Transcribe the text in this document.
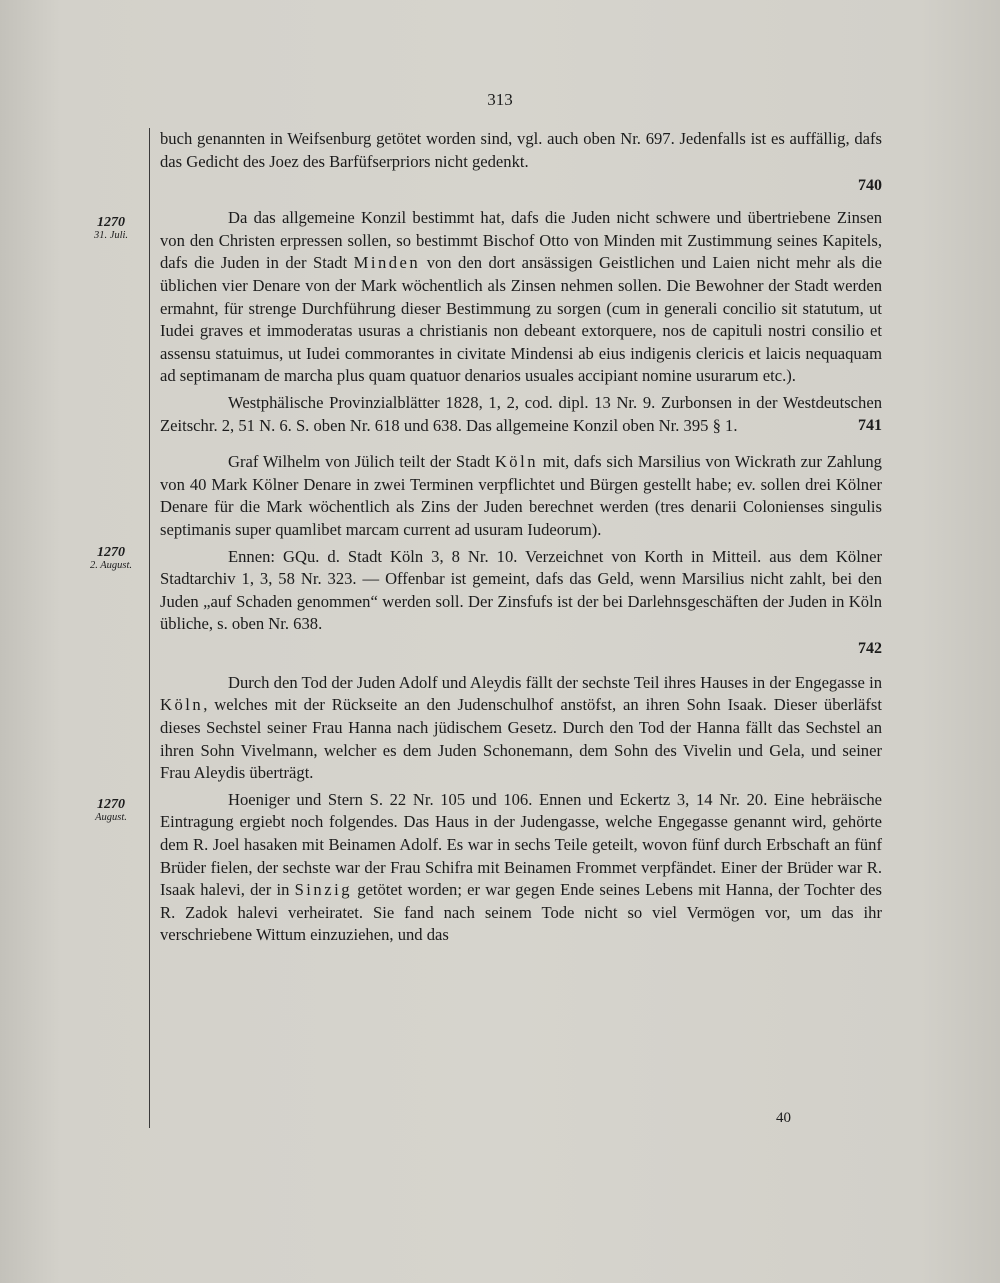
313
1270
31. Juli.
1270
2. August.
1270
August.

buch genannten in Weifsenburg getötet worden sind, vgl. auch oben Nr. 697. Jedenfalls ist es auffällig, dafs das Gedicht des Joez des Barfüfserpriors nicht gedenkt.

740

Da das allgemeine Konzil bestimmt hat, dafs die Juden nicht schwere und übertriebene Zinsen von den Christen erpressen sollen, so bestimmt Bischof Otto von Minden mit Zustimmung seines Kapitels, dafs die Juden in der Stadt Minden von den dort ansässigen Geistlichen und Laien nicht mehr als die üblichen vier Denare von der Mark wöchentlich als Zinsen nehmen sollen. Die Bewohner der Stadt werden ermahnt, für strenge Durchführung dieser Bestimmung zu sorgen (cum in generali concilio sit statutum, ut Iudei graves et immoderatas usuras a christianis non debeant extorquere, nos de capituli nostri consilio et assensu statuimus, ut Iudei commorantes in civitate Mindensi ab eius indigenis clericis et laicis nequaquam ad septimanam de marcha plus quam quatuor denarios usuales accipiant nomine usurarum etc.).

Westphälische Provinzialblätter 1828, 1, 2, cod. dipl. 13 Nr. 9. Zurbonsen in der Westdeutschen Zeitschr. 2, 51 N. 6. S. oben Nr. 618 und 638. Das allgemeine Konzil oben Nr. 395 § 1.	741

Graf Wilhelm von Jülich teilt der Stadt Köln mit, dafs sich Marsilius von Wickrath zur Zahlung von 40 Mark Kölner Denare in zwei Terminen verpflichtet und Bürgen gestellt habe; ev. sollen drei Kölner Denare für die Mark wöchentlich als Zins der Juden berechnet werden (tres denarii Colonienses singulis septimanis super quamlibet marcam current ad usuram Iudeorum).

Ennen: GQu. d. Stadt Köln 3, 8 Nr. 10. Verzeichnet von Korth in Mitteil. aus dem Kölner Stadtarchiv 1, 3, 58 Nr. 323. — Offenbar ist gemeint, dafs das Geld, wenn Marsilius nicht zahlt, bei den Juden „auf Schaden genommen“ werden soll. Der Zinsfufs ist der bei Darlehnsgeschäften der Juden in Köln übliche, s. oben Nr. 638.

742

Durch den Tod der Juden Adolf und Aleydis fällt der sechste Teil ihres Hauses in der Engegasse in Köln, welches mit der Rückseite an den Judenschulhof anstöfst, an ihren Sohn Isaak. Dieser überläfst dieses Sechstel seiner Frau Hanna nach jüdischem Gesetz. Durch den Tod der Hanna fällt das Sechstel an ihren Sohn Vivelmann, welcher es dem Juden Schonemann, dem Sohn des Vivelin und Gela, und seiner Frau Aleydis überträgt.

Hoeniger und Stern S. 22 Nr. 105 und 106. Ennen und Eckertz 3, 14 Nr. 20. Eine hebräische Eintragung ergiebt noch folgendes. Das Haus in der Judengasse, welche Engegasse genannt wird, gehörte dem R. Joel hasaken mit Beinamen Adolf. Es war in sechs Teile geteilt, wovon fünf durch Erbschaft an fünf Brüder fielen, der sechste war der Frau Schifra mit Beinamen Frommet verpfändet. Einer der Brüder war R. Isaak halevi, der in Sinzig getötet worden; er war gegen Ende seines Lebens mit Hanna, der Tochter des R. Zadok halevi verheiratet. Sie fand nach seinem Tode nicht so viel Vermögen vor, um das ihr verschriebene Wittum einzuziehen, und das

40
